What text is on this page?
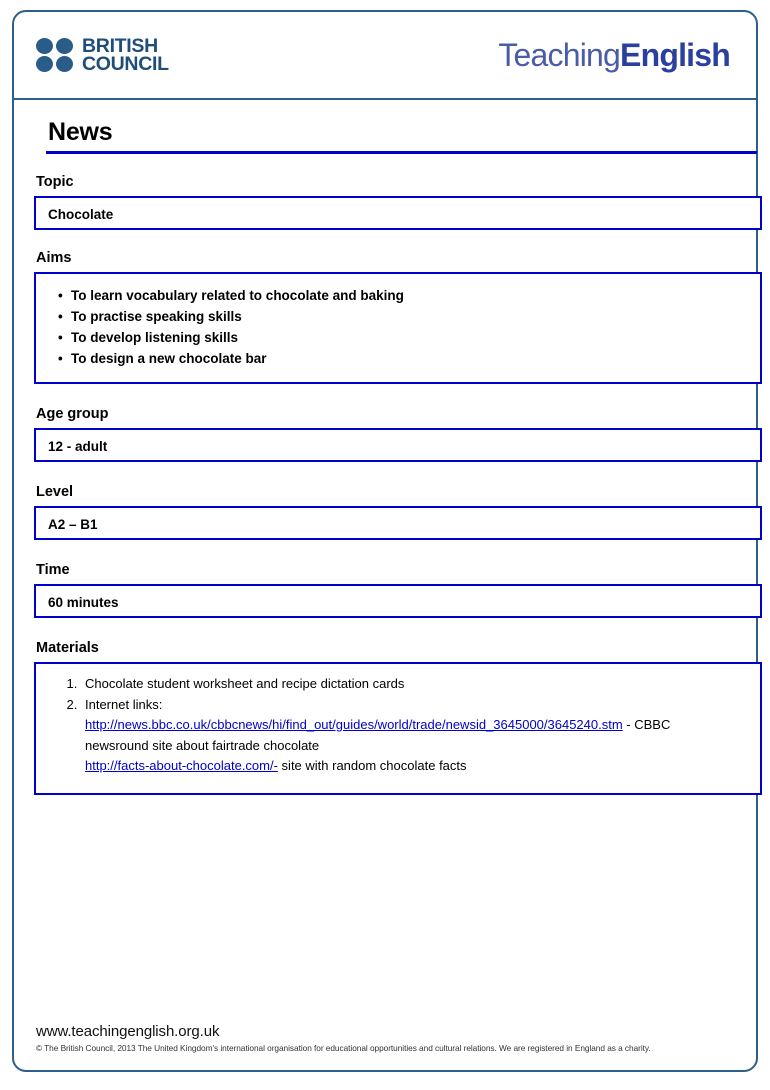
BRITISH
COUNCIL	TeachingEnglish
News
Topic
Chocolate
Aims
• To learn vocabulary related to chocolate and baking
• To practise speaking skills
• To develop listening skills
• To design a new chocolate bar
Age group
12 - adult
Level
A2 – B1
Time
60 minutes
Materials
1. Chocolate student worksheet and recipe dictation cards
2. Internet links:
http://news.bbc.co.uk/cbbcnews/hi/find_out/guides/world/trade/newsid_3645000/3645240.stm - CBBC
newsround site about fairtrade chocolate
http://facts-about-chocolate.com/- site with random chocolate facts
www.teachingenglish.org.uk
© The British Council, 2013 The United Kingdom's international organisation for educational opportunities and cultural relations. We are registered in England as a charity.
